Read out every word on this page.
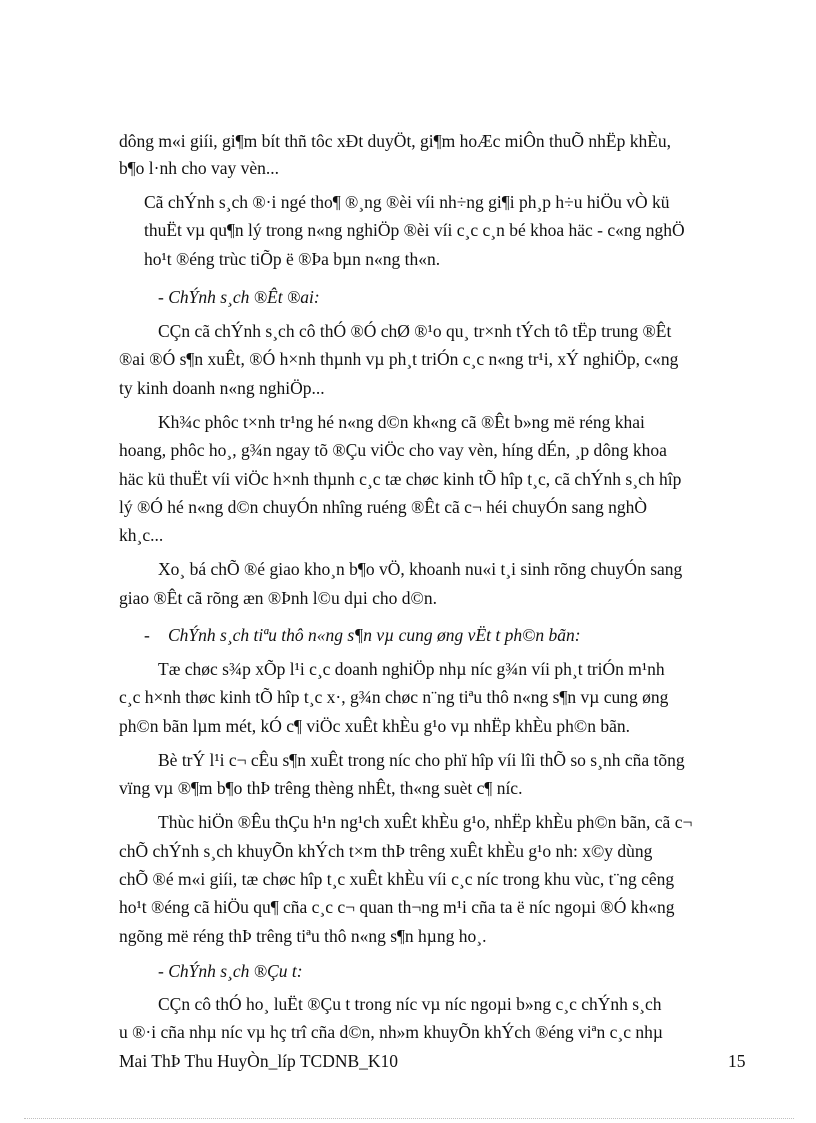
dông m«i giíi, gi¶m bít thñ tôc xÐt duyÖt, gi¶m hoÆc miÔn thuÕ nhËp khÈu,
b¶o l·nh cho vay vèn...
Cã chÝnh s¸ch ®·i ngé tho¶ ®¸ng ®èi víi nh÷ng gi¶i ph¸p h÷u hiÖu vÒ kü
thuËt vµ qu¶n lý trong n«ng nghiÖp ®èi víi c¸c c¸n bé khoa häc - c«ng nghÖ
ho¹t ®éng trùc tiÕp ë ®Þa bµn n«ng th«n.
- ChÝnh s¸ch ®Êt ®ai:
CÇn cã chÝnh s¸ch cô thÓ ®Ó chØ ®¹o qu¸ tr×nh tÝch tô tËp trung ®Êt
®ai ®Ó s¶n xuÊt, ®Ó h×nh thµnh vµ ph¸t triÓn c¸c n«ng tr¹i, xÝ nghiÖp, c«ng
ty kinh doanh n«ng nghiÖp...
Kh¾c phôc t×nh tr¹ng hé n«ng d©n kh«ng cã ®Êt b»ng më réng khai
hoang, phôc ho¸, g¾n ngay tõ ®Çu viÖc cho vay vèn, híng dÉn, ¸p dông khoa
häc kü thuËt víi viÖc h×nh thµnh c¸c tæ chøc kinh tÕ hîp t¸c, cã chÝnh s¸ch hîp
lý ®Ó hé n«ng d©n chuyÓn nhîng ruéng ®Êt cã c¬ héi chuyÓn sang nghÒ
kh¸c...
Xo¸ bá chÕ ®é giao kho¸n b¶o vÖ, khoanh nu«i t¸i sinh rõng chuyÓn sang
giao ®Êt cã rõng æn ®Þnh l©u dµi cho d©n.
- ChÝnh s¸ch tiªu thô n«ng s¶n vµ cung øng vËt t ph©n bãn:
Tæ chøc s¾p xÕp l¹i c¸c doanh nghiÖp nhµ níc g¾n víi ph¸t triÓn m¹nh
c¸c h×nh thøc kinh tÕ hîp t¸c x·, g¾n chøc n¨ng tiªu thô n«ng s¶n vµ cung øng
ph©n bãn lµm mét, kÓ c¶ viÖc xuÊt khÈu g¹o vµ nhËp khÈu ph©n bãn.
Bè trÝ l¹i c¬ cÊu s¶n xuÊt trong níc cho phï hîp víi lîi thÕ so s¸nh cña tõng
vïng vµ ®¶m b¶o thÞ trêng thèng nhÊt, th«ng suèt c¶ níc.
Thùc hiÖn ®Êu thÇu h¹n ng¹ch xuÊt khÈu g¹o, nhËp khÈu ph©n bãn, cã c¬
chÕ chÝnh s¸ch khuyÕn khÝch t×m thÞ trêng xuÊt khÈu g¹o nh: x©y dùng
chÕ ®é m«i giíi, tæ chøc hîp t¸c xuÊt khÈu víi c¸c níc trong khu vùc, t¨ng cêng
ho¹t ®éng cã hiÖu qu¶ cña c¸c c¬ quan th¬ng m¹i cña ta ë níc ngoµi ®Ó kh«ng
ngõng më réng thÞ trêng tiªu thô n«ng s¶n hµng ho¸.
- ChÝnh s¸ch ®Çu t:
CÇn cô thÓ ho¸ luËt ®Çu t trong níc vµ níc ngoµi b»ng c¸c chÝnh s¸ch
u ®·i cña nhµ níc vµ hç trî cña d©n, nh»m khuyÕn khÝch ®éng viªn c¸c nhµ
Mai ThÞ Thu HuyÒn_líp TCDNB_K10	15
